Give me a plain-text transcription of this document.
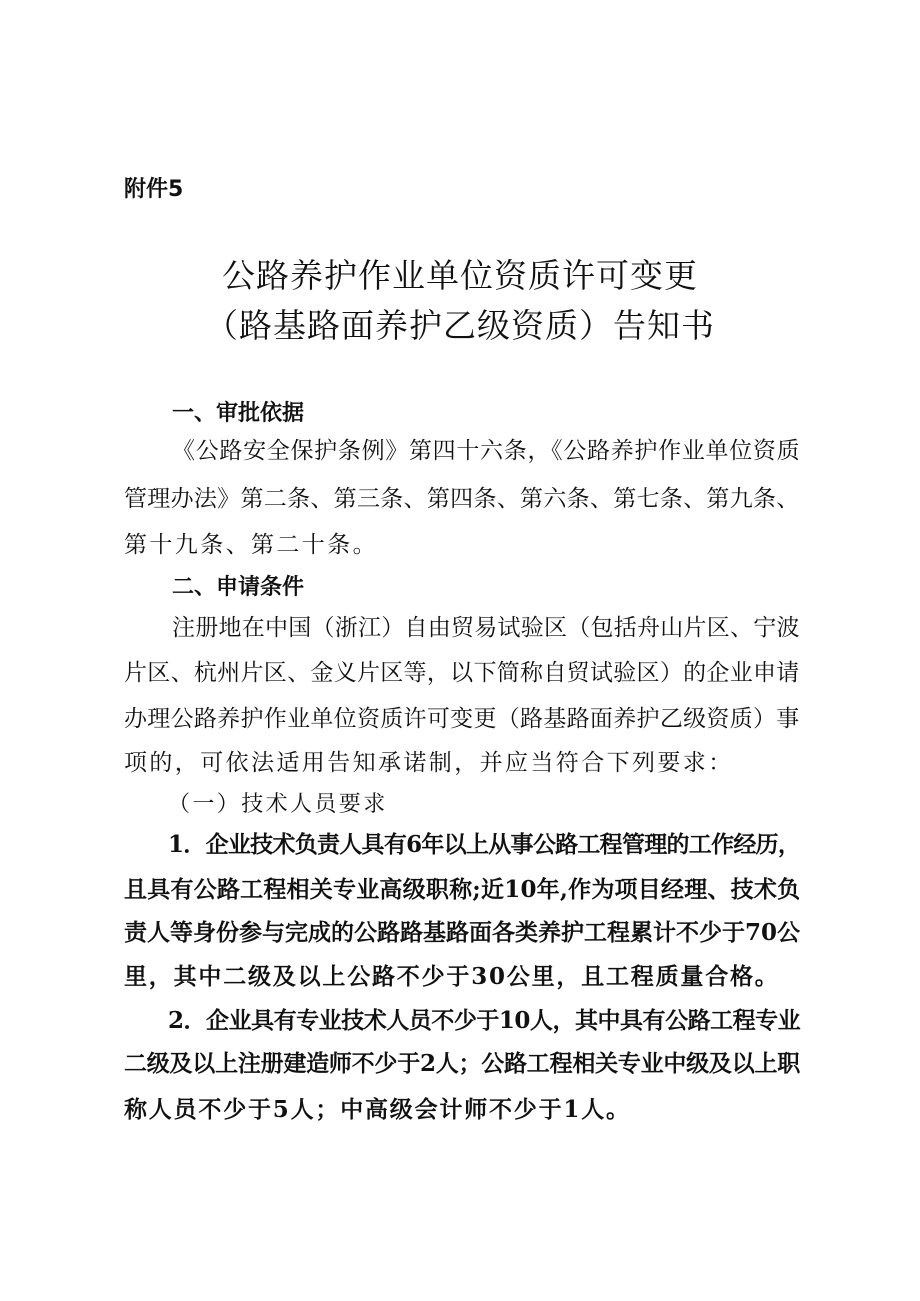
附件5
公路养护作业单位资质许可变更
（路基路面养护乙级资质）告知书
一、审批依据
《公路安全保护条例》第四十六条，《公路养护作业单位资质
管理办法》第二条、第三条、第四条、第六条、第七条、第九条、
第十九条、第二十条。
二、申请条件
注册地在中国（浙江）自由贸易试验区（包括舟山片区、宁波
片区、杭州片区、金义片区等，以下简称自贸试验区）的企业申请
办理公路养护作业单位资质许可变更（路基路面养护乙级资质）事
项的，可依法适用告知承诺制，并应当符合下列要求：
（一）技术人员要求
1．企业技术负责人具有6年以上从事公路工程管理的工作经历，
且具有公路工程相关专业高级职称;近10年,作为项目经理、技术负
责人等身份参与完成的公路路基路面各类养护工程累计不少于70公
里，其中二级及以上公路不少于30公里，且工程质量合格。
2．企业具有专业技术人员不少于10人，其中具有公路工程专业
二级及以上注册建造师不少于2人；公路工程相关专业中级及以上职
称人员不少于5人；中高级会计师不少于1人。
